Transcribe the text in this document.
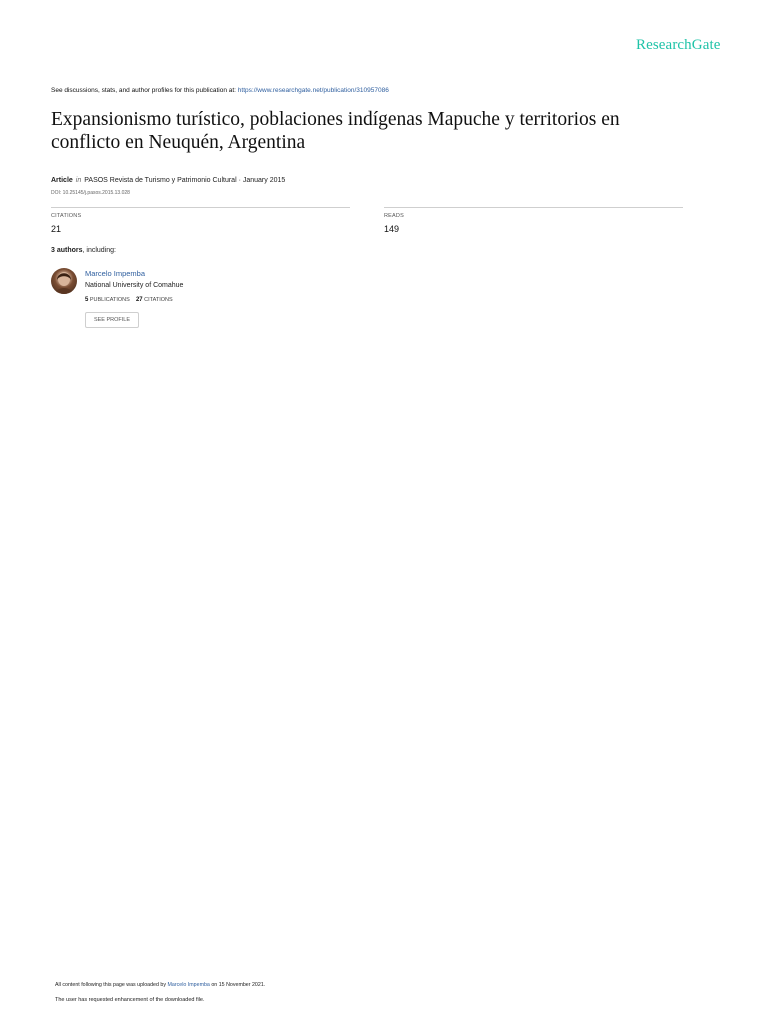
ResearchGate
See discussions, stats, and author profiles for this publication at: https://www.researchgate.net/publication/310957086
Expansionismo turístico, poblaciones indígenas Mapuche y territorios en conflicto en Neuquén, Argentina
Article in PASOS Revista de Turismo y Patrimonio Cultural · January 2015
DOI: 10.25145/j.pasos.2015.13.028
CITATIONS
21
READS
149
3 authors, including:
Marcelo Impemba
National University of Comahue
5 PUBLICATIONS 27 CITATIONS
SEE PROFILE
All content following this page was uploaded by Marcelo Impemba on 15 November 2021.
The user has requested enhancement of the downloaded file.
